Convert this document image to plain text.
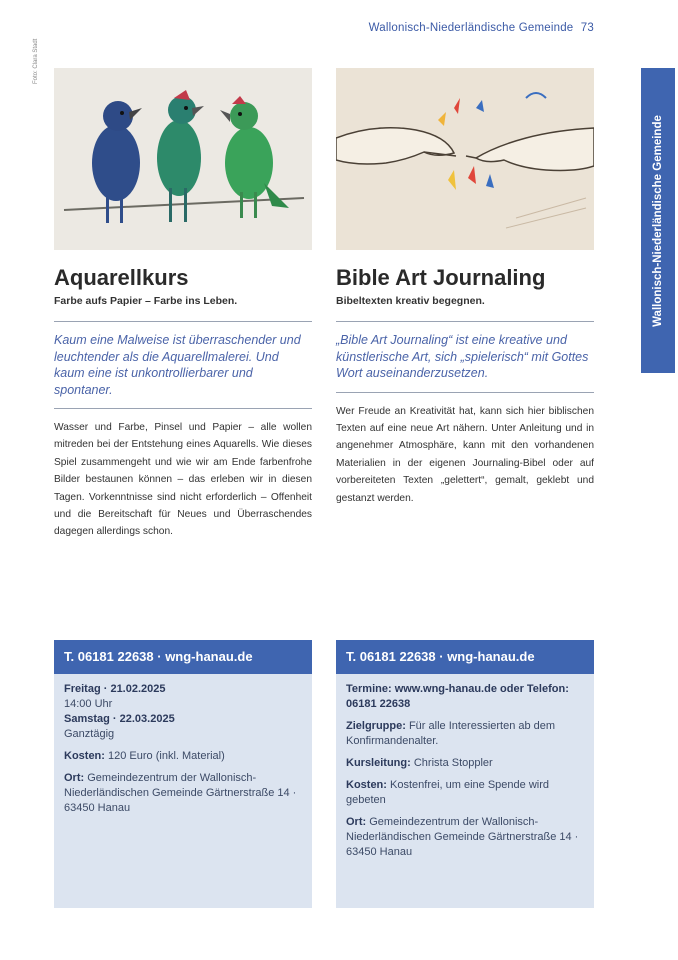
Wallonisch-Niederländische Gemeinde 73
Wallonisch-Niederländische Gemeinde
Foto: Clara Stadt
Aquarellkurs
Farbe aufs Papier – Farbe ins Leben.
Kaum eine Malweise ist überraschender und leuchtender als die Aquarellmalerei. Und kaum eine ist unkontrollierbarer und spontaner.
Wasser und Farbe, Pinsel und Papier – alle wollen mitreden bei der Entstehung eines Aquarells. Wie dieses Spiel zusammengeht und wie wir am Ende farbenfrohe Bilder bestaunen können – das erleben wir in diesen Tagen. Vorkenntnisse sind nicht erforderlich – Offenheit und die Bereitschaft für Neues und Überraschendes dagegen allerdings schon.
Bible Art Journaling
Bibeltexten kreativ begegnen.
„Bible Art Journaling“ ist eine kreative und künstlerische Art, sich „spielerisch“ mit Gottes Wort auseinanderzusetzen.
Wer Freude an Kreativität hat, kann sich hier biblischen Texten auf eine neue Art nähern. Unter Anleitung und in angenehmer Atmosphäre, kann mit den vorhandenen Materialien in der eigenen Journaling-Bibel oder auf vorbereiteten Texten „gelettert“, gemalt, geklebt und gestanzt werden.
T. 06181 22638 · wng-hanau.de
Freitag · 21.02.2025
14:00 Uhr
Samstag · 22.03.2025
Ganztägig
Kosten: 120 Euro (inkl. Material)
Ort: Gemeindezentrum der Wallonisch-Niederländischen Gemeinde Gärtnerstraße 14 · 63450 Hanau
T. 06181 22638 · wng-hanau.de
Termine: www.wng-hanau.de oder Telefon: 06181 22638
Zielgruppe: Für alle Interessierten ab dem Konfirmandenalter.
Kursleitung: Christa Stoppler
Kosten: Kostenfrei, um eine Spende wird gebeten
Ort: Gemeindezentrum der Wallonisch-Niederländischen Gemeinde Gärtnerstraße 14 · 63450 Hanau
